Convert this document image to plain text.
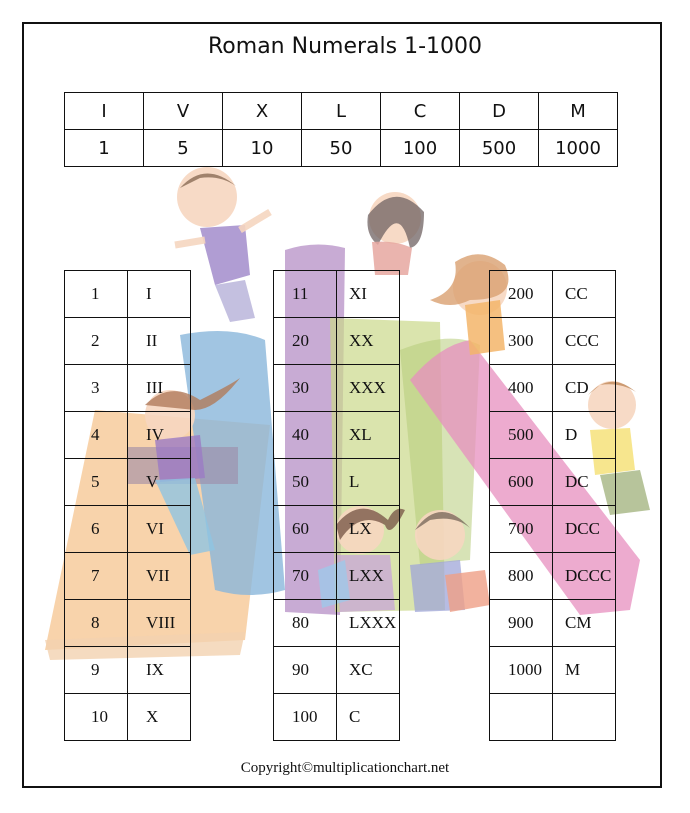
Roman Numerals 1-1000
I	V	X	L	C	D	M
1	5	10	50	100	500	1000
1	I
2	II
3	III
4	IV
5	V
6	VI
7	VII
8	VIII
9	IX
10	X
11	XI
20	XX
30	XXX
40	XL
50	L
60	LX
70	LXX
80	LXXX
90	XC
100	C
200	CC
300	CCC
400	CD
500	D
600	DC
700	DCC
800	DCCC
900	CM
1000	M

Copyright©multiplicationchart.net
